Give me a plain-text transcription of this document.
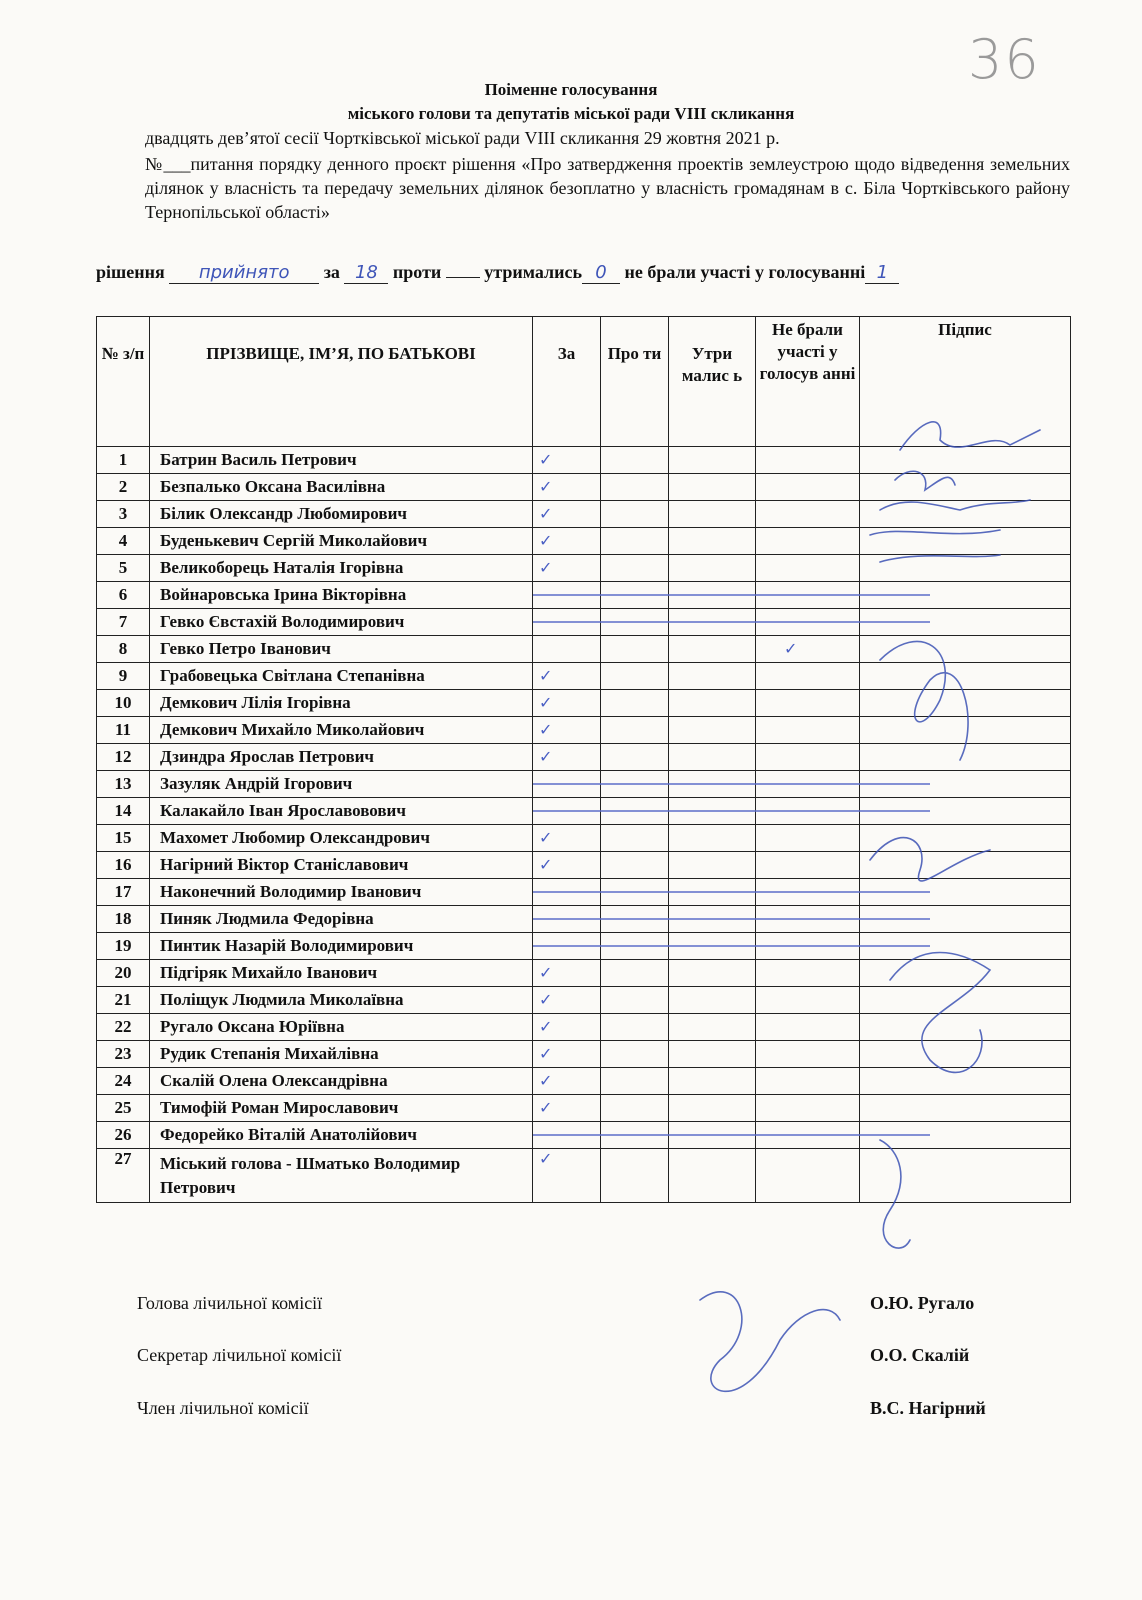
36
Поіменне голосування
міського голови та депутатів міської ради VIII скликання
двадцять дев’ятої сесії Чортківської міської ради VIII скликання 29 жовтня 2021 р.
№___питання порядку денного проєкт рішення «Про затвердження проектів землеустрою щодо відведення земельних ділянок у власність та передачу земельних ділянок безоплатно у власність громадянам в с. Біла Чортківського району Тернопільської області»
рішення прийнято за 18 проти утримались 0 не брали участі у голосуванні 1
№ з/п	ПРІЗВИЩЕ, ІМ’Я, ПО БАТЬКОВІ	За	Про ти	Утри малис ь	Не брали участі у голосув анні	Підпис
1	Батрин Василь Петрович	✓				
2	Безпалько Оксана Василівна	✓				
3	Білик Олександр Любомирович	✓				
4	Буденькевич Сергій Миколайович	✓				
5	Великоборець Наталія Ігорівна	✓				
6	Войнаровська Ірина Вікторівна	

7	Гевко Євстахій Володимирович	

8	Гевко Петро Іванович				✓	
9	Грабовецька Світлана Степанівна	✓				
10	Демкович Лілія Ігорівна	✓				
11	Демкович Михайло Миколайович	✓				
12	Дзиндра Ярослав Петрович	✓				
13	Зазуляк Андрій Ігорович	

14	Калакайло Іван Ярославовович	

15	Махомет Любомир Олександрович	✓				
16	Нагірний Віктор Станіславович	✓				
17	Наконечний Володимир Іванович	

18	Пиняк Людмила Федорівна	

19	Пинтик Назарій Володимирович	

20	Підгіряк Михайло Іванович	✓				
21	Поліщук Людмила Миколаївна	✓				
22	Ругало Оксана Юріївна	✓				
23	Рудик Степанія Михайлівна	✓				
24	Скалій Олена Олександрівна	✓				
25	Тимофій Роман Мирославович	✓				
26	Федорейко Віталій Анатолійович	

27	Міський голова - Шматько Володимир Петрович	✓				
Голова лічильної комісії	О.Ю. Ругало
Секретар лічильної комісії	О.О. Скалій
Член лічильної комісії	В.С. Нагірний
